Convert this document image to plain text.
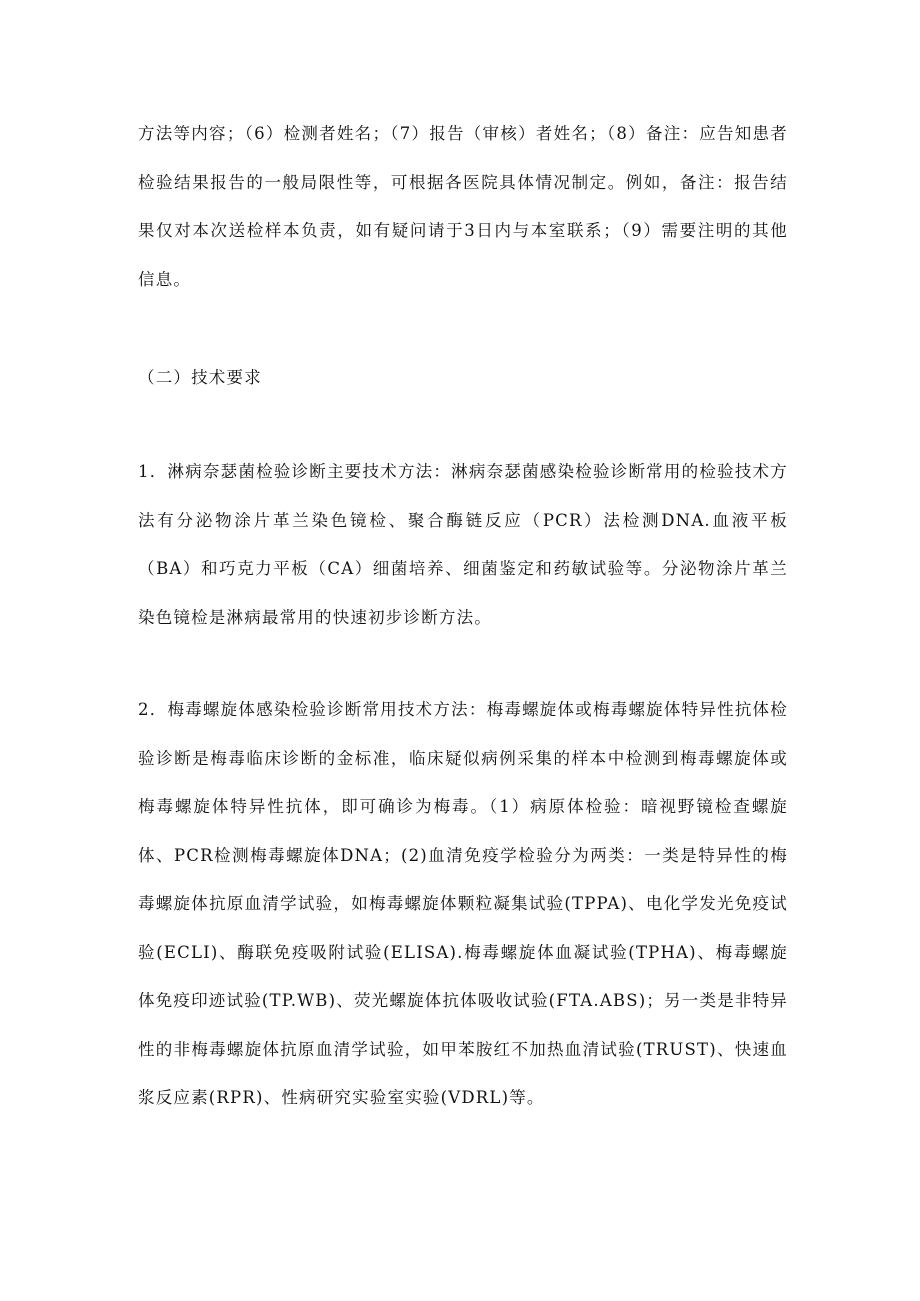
方法等内容；（6）检测者姓名；（7）报告（审核）者姓名；（8）备注：应告知患者检验结果报告的一般局限性等，可根据各医院具体情况制定。例如，备注：报告结果仅对本次送检样本负责，如有疑问请于3日内与本室联系；（9）需要注明的其他信息。

（二）技术要求

1．淋病奈瑟菌检验诊断主要技术方法：淋病奈瑟菌感染检验诊断常用的检验技术方法有分泌物涂片革兰染色镜检、聚合酶链反应（PCR）法检测DNA.血液平板（BA）和巧克力平板（CA）细菌培养、细菌鉴定和药敏试验等。分泌物涂片革兰染色镜检是淋病最常用的快速初步诊断方法。

2．梅毒螺旋体感染检验诊断常用技术方法：梅毒螺旋体或梅毒螺旋体特异性抗体检验诊断是梅毒临床诊断的金标准，临床疑似病例采集的样本中检测到梅毒螺旋体或梅毒螺旋体特异性抗体，即可确诊为梅毒。（1）病原体检验：暗视野镜检查螺旋体、PCR检测梅毒螺旋体DNA；(2)血清免疫学检验分为两类：一类是特异性的梅毒螺旋体抗原血清学试验，如梅毒螺旋体颗粒凝集试验(TPPA)、电化学发光免疫试验(ECLI)、酶联免疫吸附试验(ELISA).梅毒螺旋体血凝试验(TPHA)、梅毒螺旋体免疫印迹试验(TP.WB)、荧光螺旋体抗体吸收试验(FTA.ABS)；另一类是非特异性的非梅毒螺旋体抗原血清学试验，如甲苯胺红不加热血清试验(TRUST)、快速血浆反应素(RPR)、性病研究实验室实验(VDRL)等。
